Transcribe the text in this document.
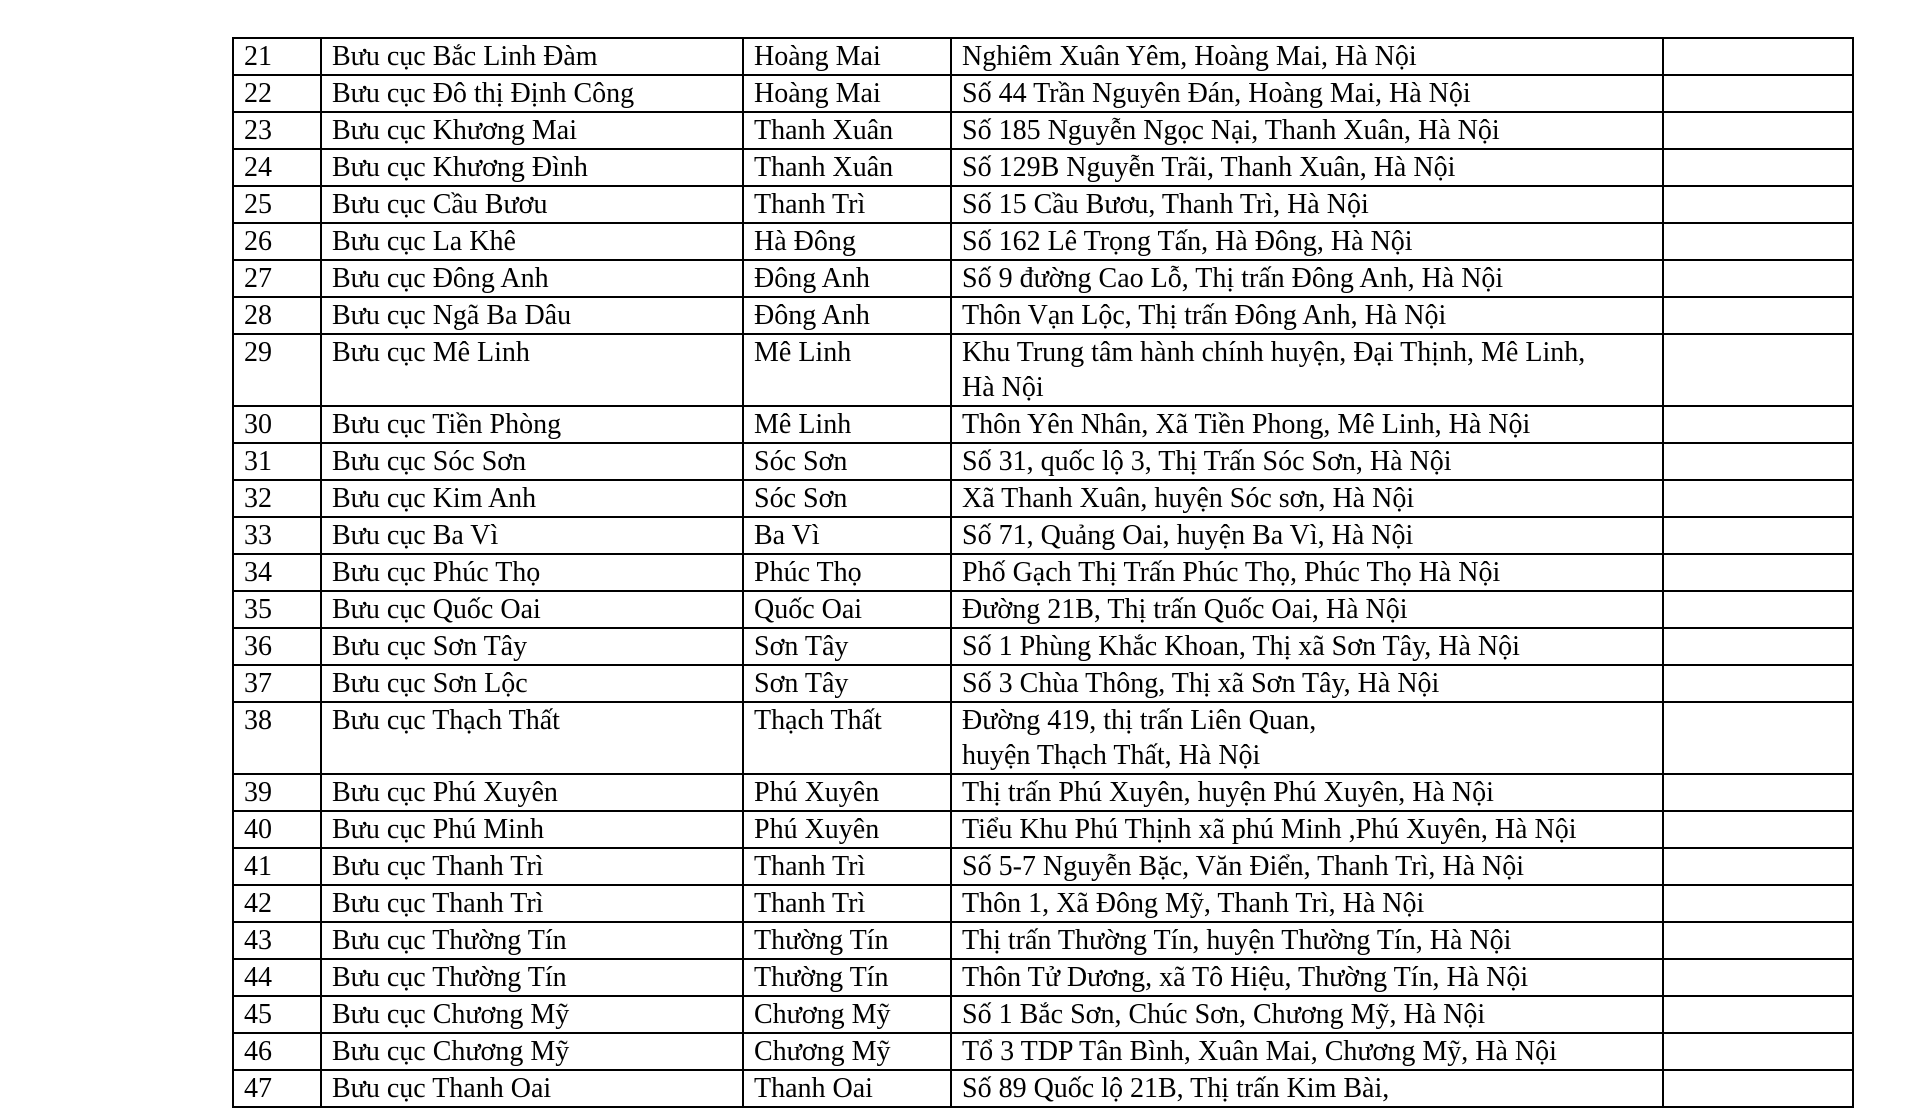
21	Bưu cục Bắc Linh Đàm	Hoàng Mai	Nghiêm Xuân Yêm, Hoàng Mai, Hà Nội	

22	Bưu cục Đô thị Định Công	Hoàng Mai	Số 44 Trần Nguyên Đán, Hoàng Mai, Hà Nội	

23	Bưu cục Khương Mai	Thanh Xuân	Số 185 Nguyễn Ngọc Nại, Thanh Xuân, Hà Nội	

24	Bưu cục Khương Đình	Thanh Xuân	Số 129B Nguyễn Trãi, Thanh Xuân, Hà Nội	

25	Bưu cục Cầu Bươu	Thanh Trì	Số 15 Cầu Bươu, Thanh Trì, Hà Nội	

26	Bưu cục La Khê	Hà Đông	Số 162 Lê Trọng Tấn, Hà Đông, Hà Nội	

27	Bưu cục Đông Anh	Đông Anh	Số 9 đường Cao Lỗ, Thị trấn Đông Anh, Hà Nội	

28	Bưu cục Ngã Ba Dâu	Đông Anh	Thôn Vạn Lộc, Thị trấn Đông Anh, Hà Nội	

29	Bưu cục Mê Linh	Mê Linh	Khu Trung tâm hành chính huyện, Đại Thịnh, Mê Linh,
Hà Nội	

30	Bưu cục Tiền Phòng	Mê Linh	Thôn Yên Nhân, Xã Tiền Phong, Mê Linh, Hà Nội	

31	Bưu cục Sóc Sơn	Sóc Sơn	Số 31, quốc lộ 3, Thị Trấn Sóc Sơn, Hà Nội	

32	Bưu cục Kim Anh	Sóc Sơn	Xã Thanh Xuân, huyện Sóc sơn, Hà Nội	

33	Bưu cục Ba Vì	Ba Vì	Số 71, Quảng Oai, huyện Ba Vì, Hà Nội	

34	Bưu cục Phúc Thọ	Phúc Thọ	Phố Gạch Thị Trấn Phúc Thọ, Phúc Thọ Hà Nội	

35	Bưu cục Quốc Oai	Quốc Oai	Đường 21B, Thị trấn Quốc Oai, Hà Nội	

36	Bưu cục Sơn Tây	Sơn Tây	Số 1 Phùng Khắc Khoan, Thị xã Sơn Tây, Hà Nội	

37	Bưu cục Sơn Lộc	Sơn Tây	Số 3 Chùa Thông, Thị xã Sơn Tây, Hà Nội	

38	Bưu cục Thạch Thất	Thạch Thất	Đường 419, thị trấn Liên Quan,
huyện Thạch Thất, Hà Nội	

39	Bưu cục Phú Xuyên	Phú Xuyên	Thị trấn Phú Xuyên, huyện Phú Xuyên, Hà Nội	

40	Bưu cục Phú Minh	Phú Xuyên	Tiểu Khu Phú Thịnh xã phú Minh ,Phú Xuyên, Hà Nội	

41	Bưu cục Thanh Trì	Thanh Trì	Số 5-7 Nguyễn Bặc, Văn Điển, Thanh Trì, Hà Nội	

42	Bưu cục Thanh Trì	Thanh Trì	Thôn 1, Xã Đông Mỹ, Thanh Trì, Hà Nội	

43	Bưu cục Thường Tín	Thường Tín	Thị trấn Thường Tín, huyện Thường Tín, Hà Nội	

44	Bưu cục Thường Tín	Thường Tín	Thôn Tử Dương, xã Tô Hiệu, Thường Tín, Hà Nội	

45	Bưu cục Chương Mỹ	Chương Mỹ	Số 1 Bắc Sơn, Chúc Sơn, Chương Mỹ, Hà Nội	

46	Bưu cục Chương Mỹ	Chương Mỹ	Tổ 3 TDP Tân Bình, Xuân Mai, Chương Mỹ, Hà Nội	

47	Bưu cục Thanh Oai	Thanh Oai	Số 89 Quốc lộ 21B, Thị trấn Kim Bài,	
